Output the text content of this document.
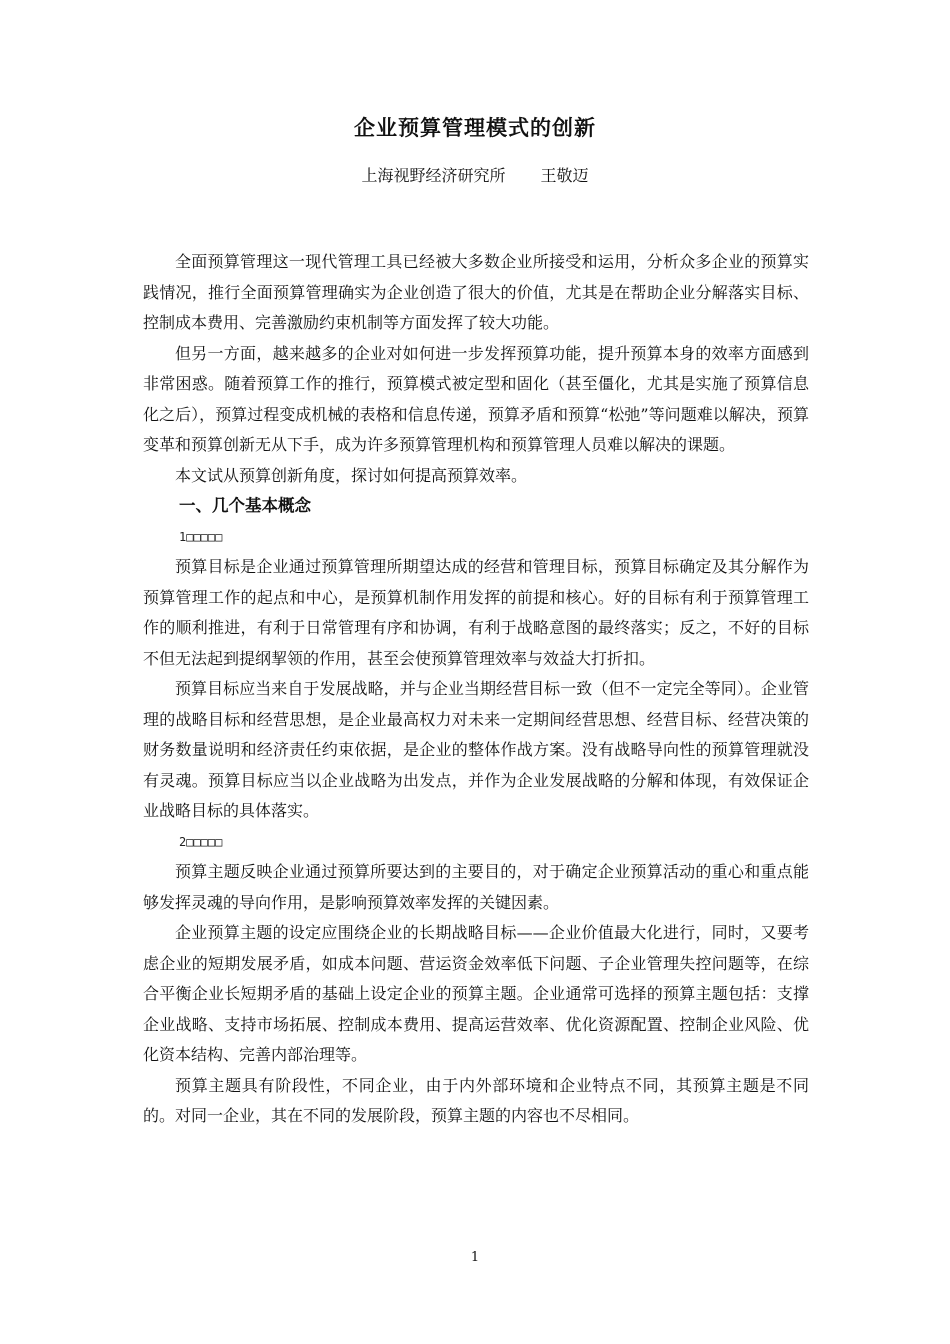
企业预算管理模式的创新
上海视野经济研究所 王敬迈

全面预算管理这一现代管理工具已经被大多数企业所接受和运用，分析众多企业的预算实践情况，推行全面预算管理确实为企业创造了很大的价值，尤其是在帮助企业分解落实目标、控制成本费用、完善激励约束机制等方面发挥了较大功能。

但另一方面，越来越多的企业对如何进一步发挥预算功能，提升预算本身的效率方面感到非常困惑。随着预算工作的推行，预算模式被定型和固化（甚至僵化，尤其是实施了预算信息化之后），预算过程变成机械的表格和信息传递，预算矛盾和预算“松弛”等问题难以解决，预算变革和预算创新无从下手，成为许多预算管理机构和预算管理人员难以解决的课题。

本文试从预算创新角度，探讨如何提高预算效率。

一、几个基本概念
1□□□□□

预算目标是企业通过预算管理所期望达成的经营和管理目标，预算目标确定及其分解作为预算管理工作的起点和中心，是预算机制作用发挥的前提和核心。好的目标有利于预算管理工作的顺利推进，有利于日常管理有序和协调，有利于战略意图的最终落实；反之，不好的目标不但无法起到提纲挈领的作用，甚至会使预算管理效率与效益大打折扣。

预算目标应当来自于发展战略，并与企业当期经营目标一致（但不一定完全等同）。企业管理的战略目标和经营思想，是企业最高权力对未来一定期间经营思想、经营目标、经营决策的财务数量说明和经济责任约束依据，是企业的整体作战方案。没有战略导向性的预算管理就没有灵魂。预算目标应当以企业战略为出发点，并作为企业发展战略的分解和体现，有效保证企业战略目标的具体落实。

2□□□□□

预算主题反映企业通过预算所要达到的主要目的，对于确定企业预算活动的重心和重点能够发挥灵魂的导向作用，是影响预算效率发挥的关键因素。

企业预算主题的设定应围绕企业的长期战略目标——企业价值最大化进行，同时，又要考虑企业的短期发展矛盾，如成本问题、营运资金效率低下问题、子企业管理失控问题等，在综合平衡企业长短期矛盾的基础上设定企业的预算主题。企业通常可选择的预算主题包括：支撑企业战略、支持市场拓展、控制成本费用、提高运营效率、优化资源配置、控制企业风险、优化资本结构、完善内部治理等。

预算主题具有阶段性，不同企业，由于内外部环境和企业特点不同，其预算主题是不同的。对同一企业，其在不同的发展阶段，预算主题的内容也不尽相同。

1
